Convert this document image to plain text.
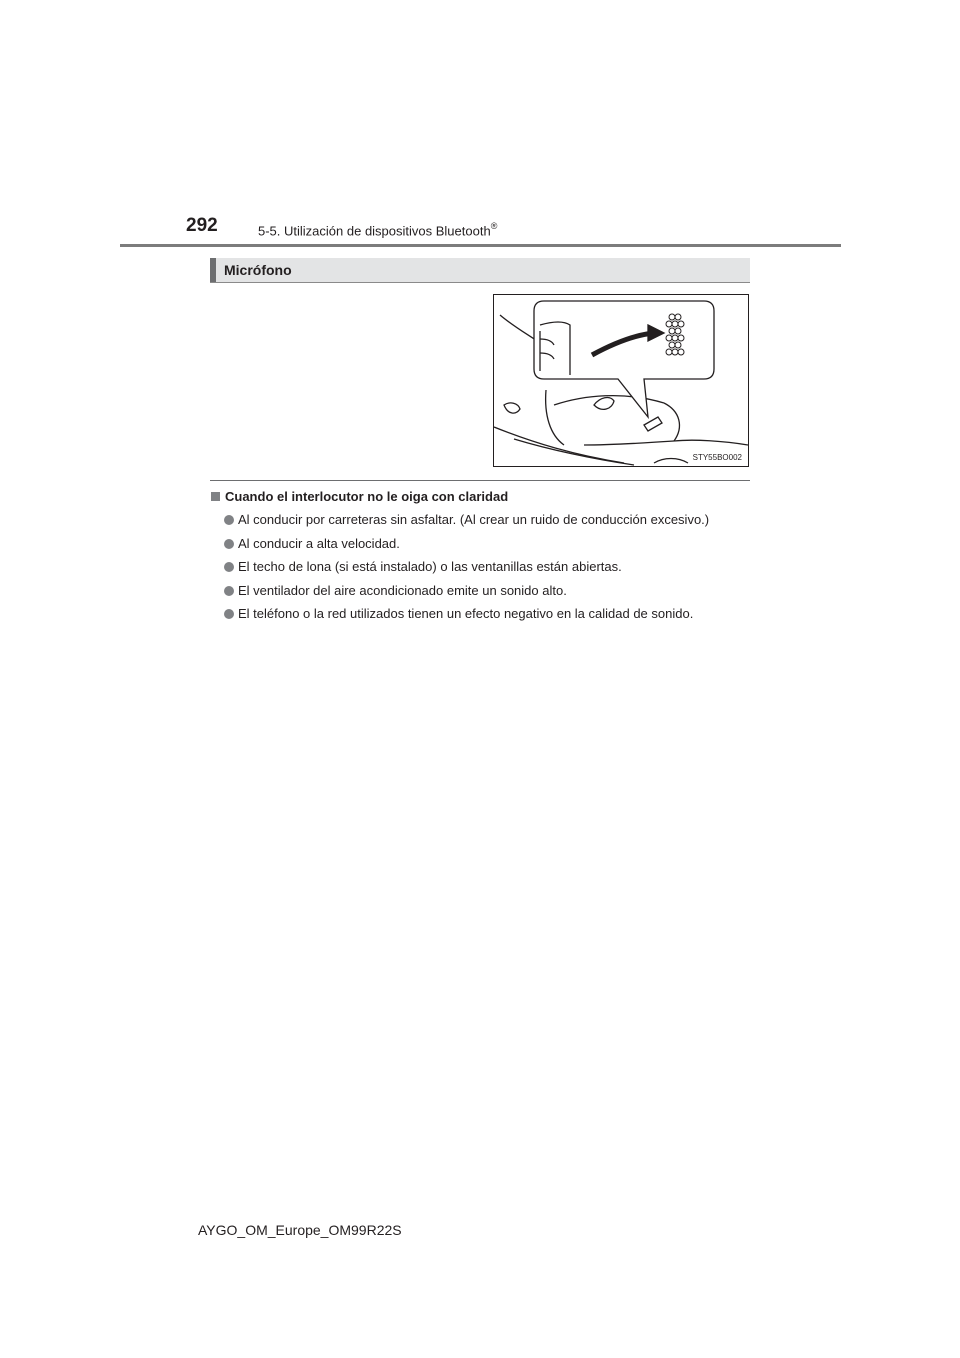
292	5-5. Utilización de dispositivos Bluetooth®
Micrófono
STY55BO002
Cuando el interlocutor no le oiga con claridad
Al conducir por carreteras sin asfaltar. (Al crear un ruido de conducción excesivo.)
Al conducir a alta velocidad.
El techo de lona (si está instalado) o las ventanillas están abiertas.
El ventilador del aire acondicionado emite un sonido alto.
El teléfono o la red utilizados tienen un efecto negativo en la calidad de sonido.
AYGO_OM_Europe_OM99R22S
